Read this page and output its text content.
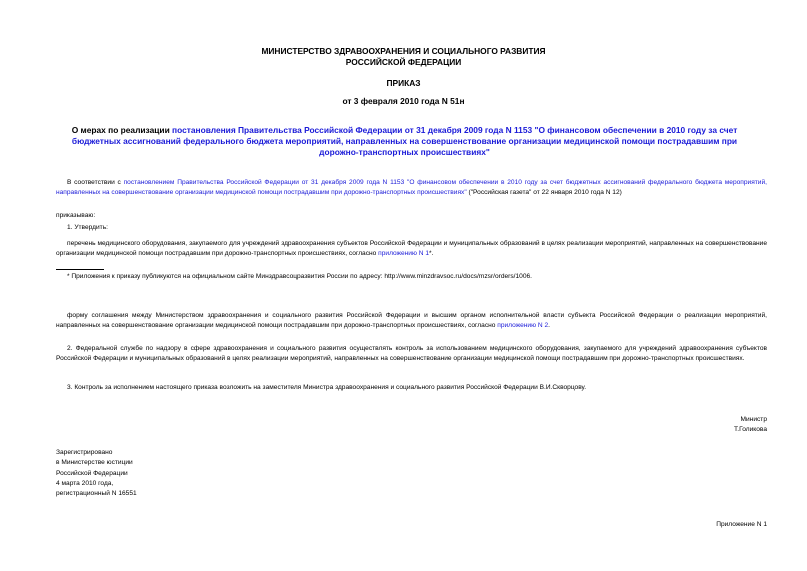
МИНИСТЕРСТВО ЗДРАВООХРАНЕНИЯ И СОЦИАЛЬНОГО РАЗВИТИЯ
РОССИЙСКОЙ ФЕДЕРАЦИИ
ПРИКАЗ
от 3 февраля 2010 года N 51н
О мерах по реализации постановления Правительства Российской Федерации от 31 декабря 2009 года N 1153 "О финансовом обеспечении в 2010 году за счет бюджетных ассигнований федерального бюджета мероприятий, направленных на совершенствование организации медицинской помощи пострадавшим при дорожно-транспортных происшествиях"
В соответствии с постановлением Правительства Российской Федерации от 31 декабря 2009 года N 1153 "О финансовом обеспечении в 2010 году за счет бюджетных ассигнований федерального бюджета мероприятий, направленных на совершенствование организации медицинской помощи пострадавшим при дорожно-транспортных происшествиях" ("Российская газета" от 22 января 2010 года N 12)
приказываю:
1. Утвердить:
перечень медицинского оборудования, закупаемого для учреждений здравоохранения субъектов Российской Федерации и муниципальных образований в целях реализации мероприятий, направленных на совершенствование организации медицинской помощи пострадавшим при дорожно-транспортных происшествиях, согласно приложению N 1*.
* Приложения к приказу публикуются на официальном сайте Минздравсоцразвития России по адресу: http://www.minzdravsoc.ru/docs/mzsr/orders/1006.
форму соглашения между Министерством здравоохранения и социального развития Российской Федерации и высшим органом исполнительной власти субъекта Российской Федерации о реализации мероприятий, направленных на совершенствование организации медицинской помощи пострадавшим при дорожно-транспортных происшествиях, согласно приложению N 2.
2. Федеральной службе по надзору в сфере здравоохранения и социального развития осуществлять контроль за использованием медицинского оборудования, закупаемого для учреждений здравоохранения субъектов Российской Федерации и муниципальных образований в целях реализации мероприятий, направленных на совершенствование организации медицинской помощи пострадавшим при дорожно-транспортных происшествиях.
3. Контроль за исполнением настоящего приказа возложить на заместителя Министра здравоохранения и социального развития Российской Федерации В.И.Скворцову.
Министр
Т.Голикова
Зарегистрировано
в Министерстве юстиции
Российской Федерации
4 марта 2010 года,
регистрационный N 16551
Приложение N 1
